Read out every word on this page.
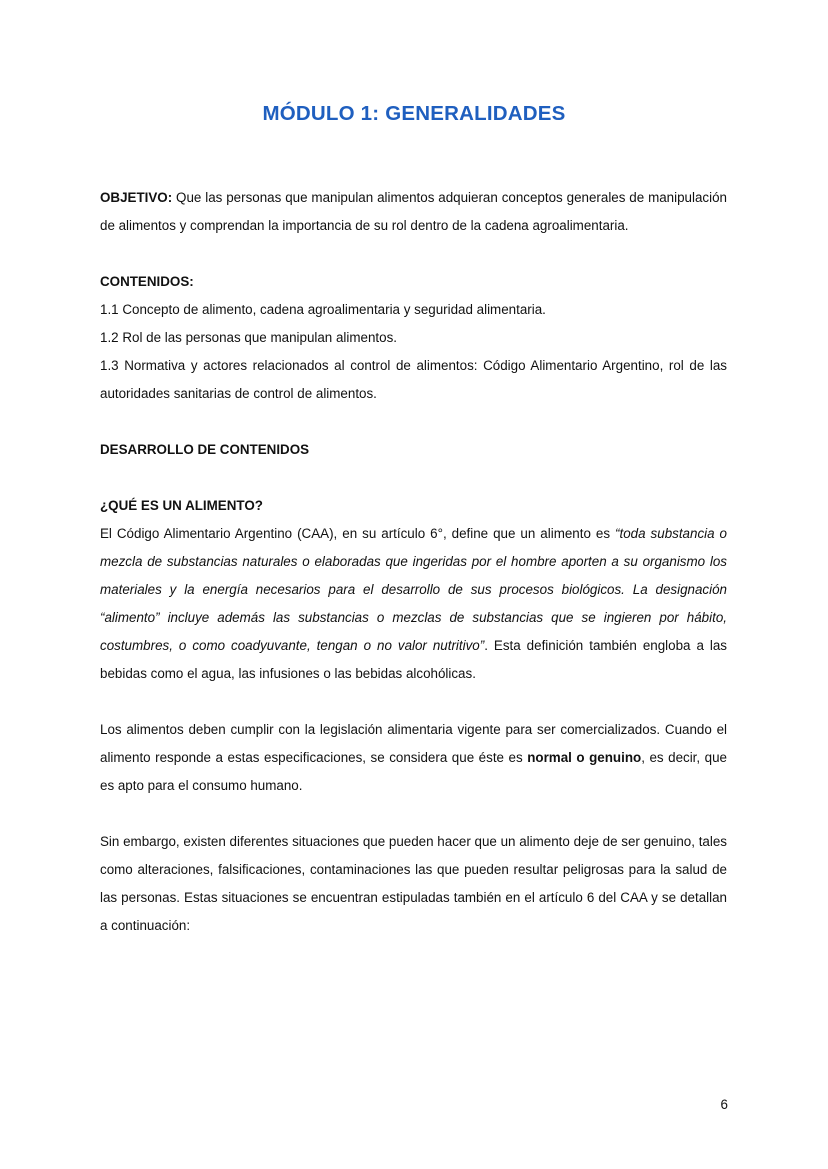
MÓDULO 1: GENERALIDADES

OBJETIVO: Que las personas que manipulan alimentos adquieran conceptos generales de manipulación de alimentos y comprendan la importancia de su rol dentro de la cadena agroalimentaria.

CONTENIDOS:

1.1 Concepto de alimento, cadena agroalimentaria y seguridad alimentaria.

1.2 Rol de las personas que manipulan alimentos.

1.3 Normativa y actores relacionados al control de alimentos: Código Alimentario Argentino, rol de las autoridades sanitarias de control de alimentos.

DESARROLLO DE CONTENIDOS

¿QUÉ ES UN ALIMENTO?

El Código Alimentario Argentino (CAA), en su artículo 6°, define que un alimento es “toda substancia o mezcla de substancias naturales o elaboradas que ingeridas por el hombre aporten a su organismo los materiales y la energía necesarios para el desarrollo de sus procesos biológicos. La designación “alimento” incluye además las substancias o mezclas de substancias que se ingieren por hábito, costumbres, o como coadyuvante, tengan o no valor nutritivo”. Esta definición también engloba a las bebidas como el agua, las infusiones o las bebidas alcohólicas.

Los alimentos deben cumplir con la legislación alimentaria vigente para ser comercializados. Cuando el alimento responde a estas especificaciones, se considera que éste es normal o genuino, es decir, que es apto para el consumo humano.

Sin embargo, existen diferentes situaciones que pueden hacer que un alimento deje de ser genuino, tales como alteraciones, falsificaciones, contaminaciones las que pueden resultar peligrosas para la salud de las personas. Estas situaciones se encuentran estipuladas también en el artículo 6 del CAA y se detallan a continuación:

6
